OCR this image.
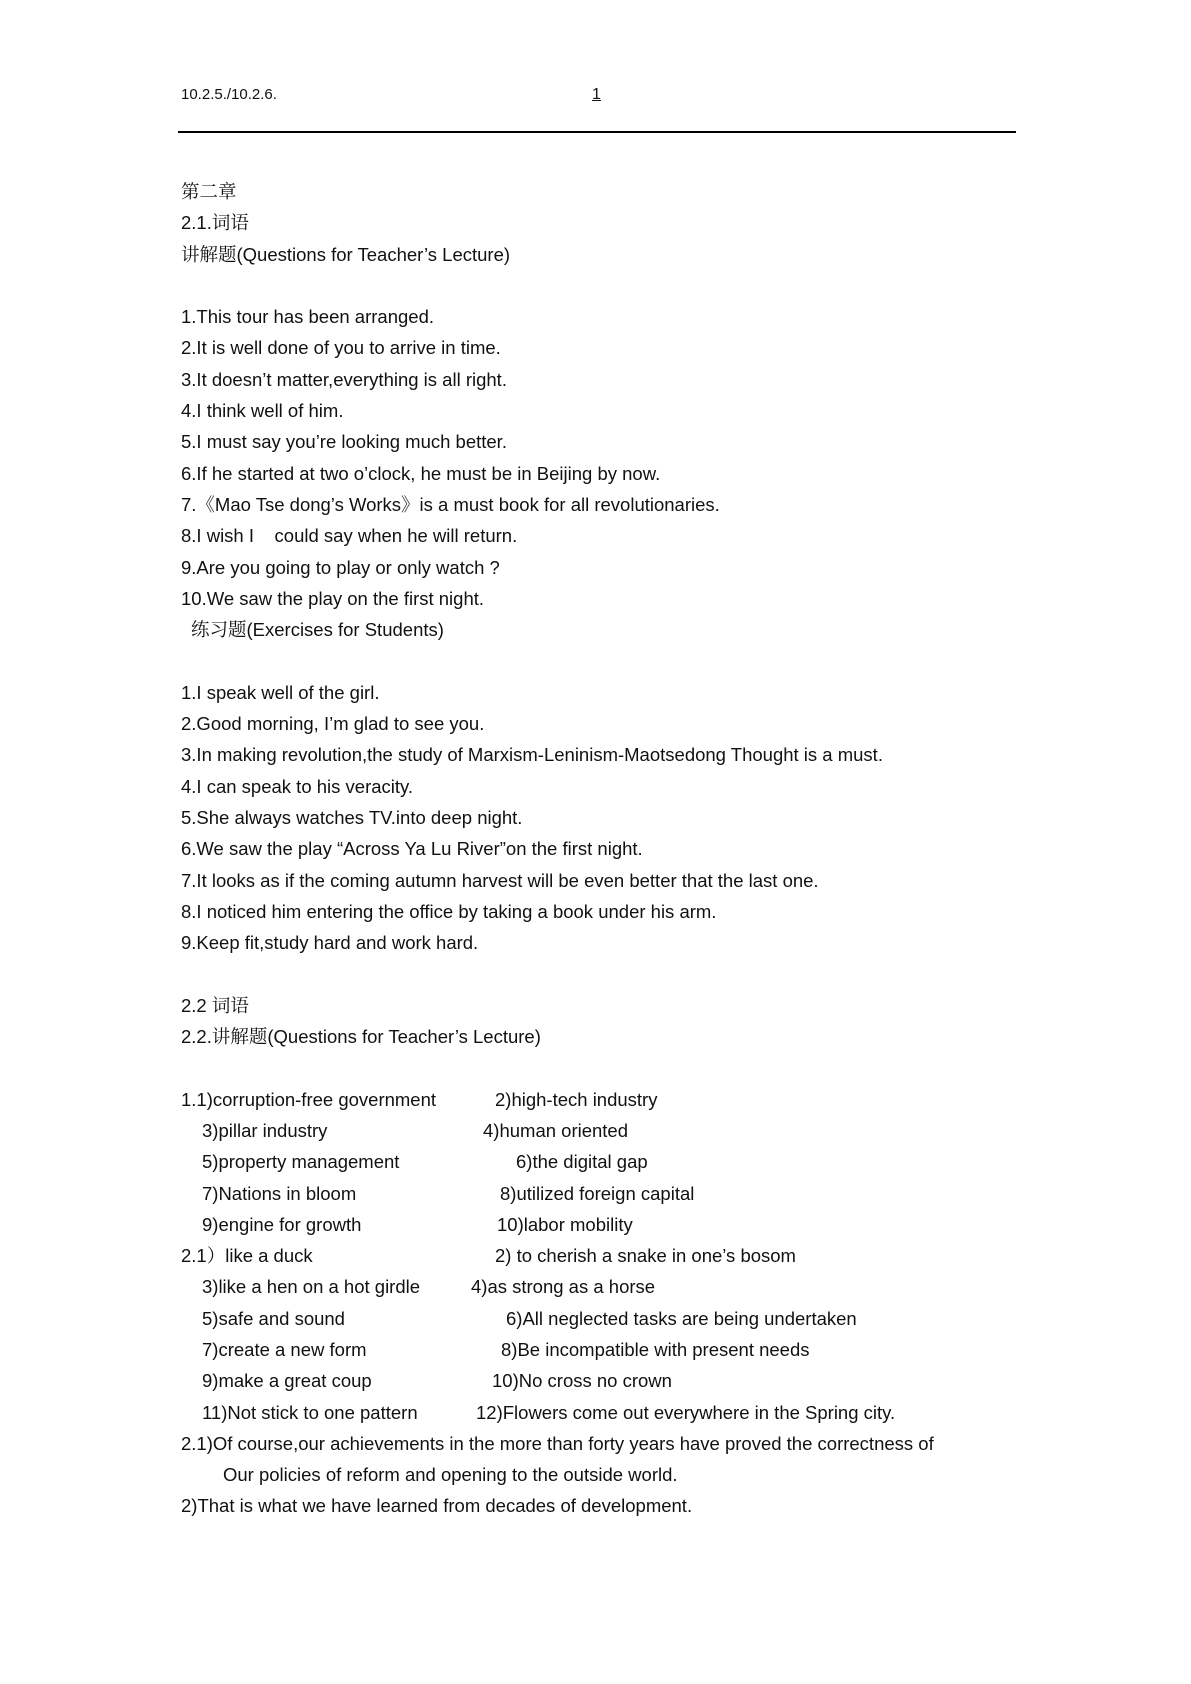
10.2.5./10.2.6.	1
第二章
2.1.词语
讲解题(Questions for Teacher’s Lecture)
1.This tour has been arranged.
2.It is well done of you to arrive in time.
3.It doesn’t matter,everything is all right.
4.I think well of him.
5.I must say you’re looking much better.
6.If he started at two o’clock, he must be in Beijing by now.
7.《Mao Tse dong’s Works》is a must book for all revolutionaries.
8.I wish I    could say when he will return.
9.Are you going to play or only watch ?
10.We saw the play on the first night.
练习题(Exercises for Students)
1.I speak well of the girl.
2.Good morning, I’m glad to see you.
3.In making revolution,the study of Marxism-Leninism-Maotsedong Thought is a must.
4.I can speak to his veracity.
5.She always watches TV.into deep night.
6.We saw the play “Across Ya Lu River”on the first night.
7.It looks as if the coming autumn harvest will be even better that the last one.
8.I noticed him entering the office by taking a book under his arm.
9.Keep fit,study hard and work hard.
2.2 词语
2.2.讲解题(Questions for Teacher’s Lecture)
1.1)corruption-free government	2)high-tech industry
3)pillar industry	4)human oriented
5)property management	6)the digital gap
7)Nations in bloom	8)utilized foreign capital
9)engine for growth	10)labor mobility
2.1）like a duck	2) to cherish a snake in one’s bosom
3)like a hen on a hot girdle	4)as strong as a horse
5)safe and sound	6)All neglected tasks are being undertaken
7)create a new form	8)Be incompatible with present needs
9)make a great coup	10)No cross no crown
11)Not stick to one pattern	12)Flowers come out everywhere in the Spring city.
2.1)Of course,our achievements in the more than forty years have proved the correctness of
Our policies of reform and opening to the outside world.
2)That is what we have learned from decades of development.
